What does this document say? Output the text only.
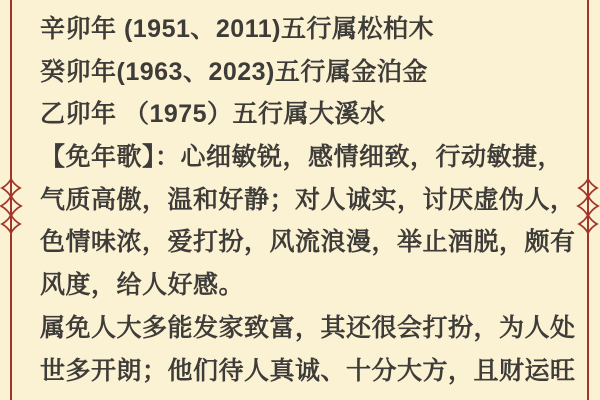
辛卯年 (1951、2011)五行属松柏木
癸卯年(1963、2023)五行属金泊金
乙卯年 （1975）五行属大溪水
【免年歌】：心细敏锐，感情细致，行动敏捷，
气质高傲，温和好静；对人诚实，讨厌虚伪人，
色情味浓，爱打扮，风流浪漫，举止酒脱，颇有
风度，给人好感。
属免人大多能发家致富，其还很会打扮，为人处
世多开朗；他们待人真诚、十分大方，且财运旺
